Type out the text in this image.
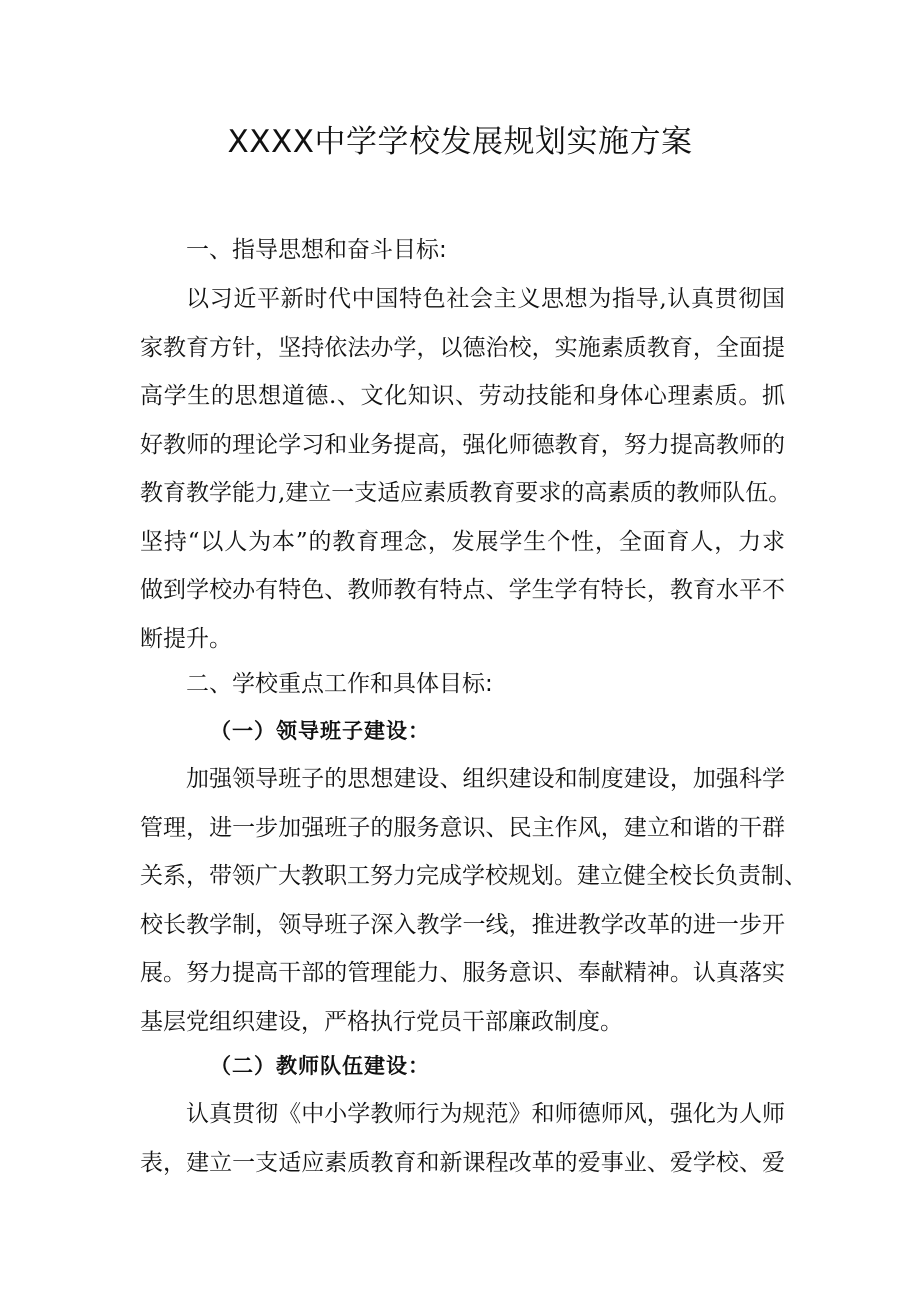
XXXX中学学校发展规划实施方案
一、指导思想和奋斗目标:
以习近平新时代中国特色社会主义思想为指导,认真贯彻国
家教育方针，坚持依法办学，以德治校，实施素质教育，全面提
高学生的思想道德.、文化知识、劳动技能和身体心理素质。抓
好教师的理论学习和业务提高，强化师德教育，努力提高教师的
教育教学能力,建立一支适应素质教育要求的高素质的教师队伍。
坚持“以人为本”的教育理念，发展学生个性，全面育人，力求
做到学校办有特色、教师教有特点、学生学有特长，教育水平不
断提升。
二、学校重点工作和具体目标:
（一）领导班子建设：
加强领导班子的思想建设、组织建设和制度建设，加强科学
管理，进一步加强班子的服务意识、民主作风，建立和谐的干群
关系，带领广大教职工努力完成学校规划。建立健全校长负责制、
校长教学制，领导班子深入教学一线，推进教学改革的进一步开
展。努力提高干部的管理能力、服务意识、奉献精神。认真落实
基层党组织建设，严格执行党员干部廉政制度。
（二）教师队伍建设：
认真贯彻《中小学教师行为规范》和师德师风，强化为人师
表，建立一支适应素质教育和新课程改革的爱事业、爱学校、爱
